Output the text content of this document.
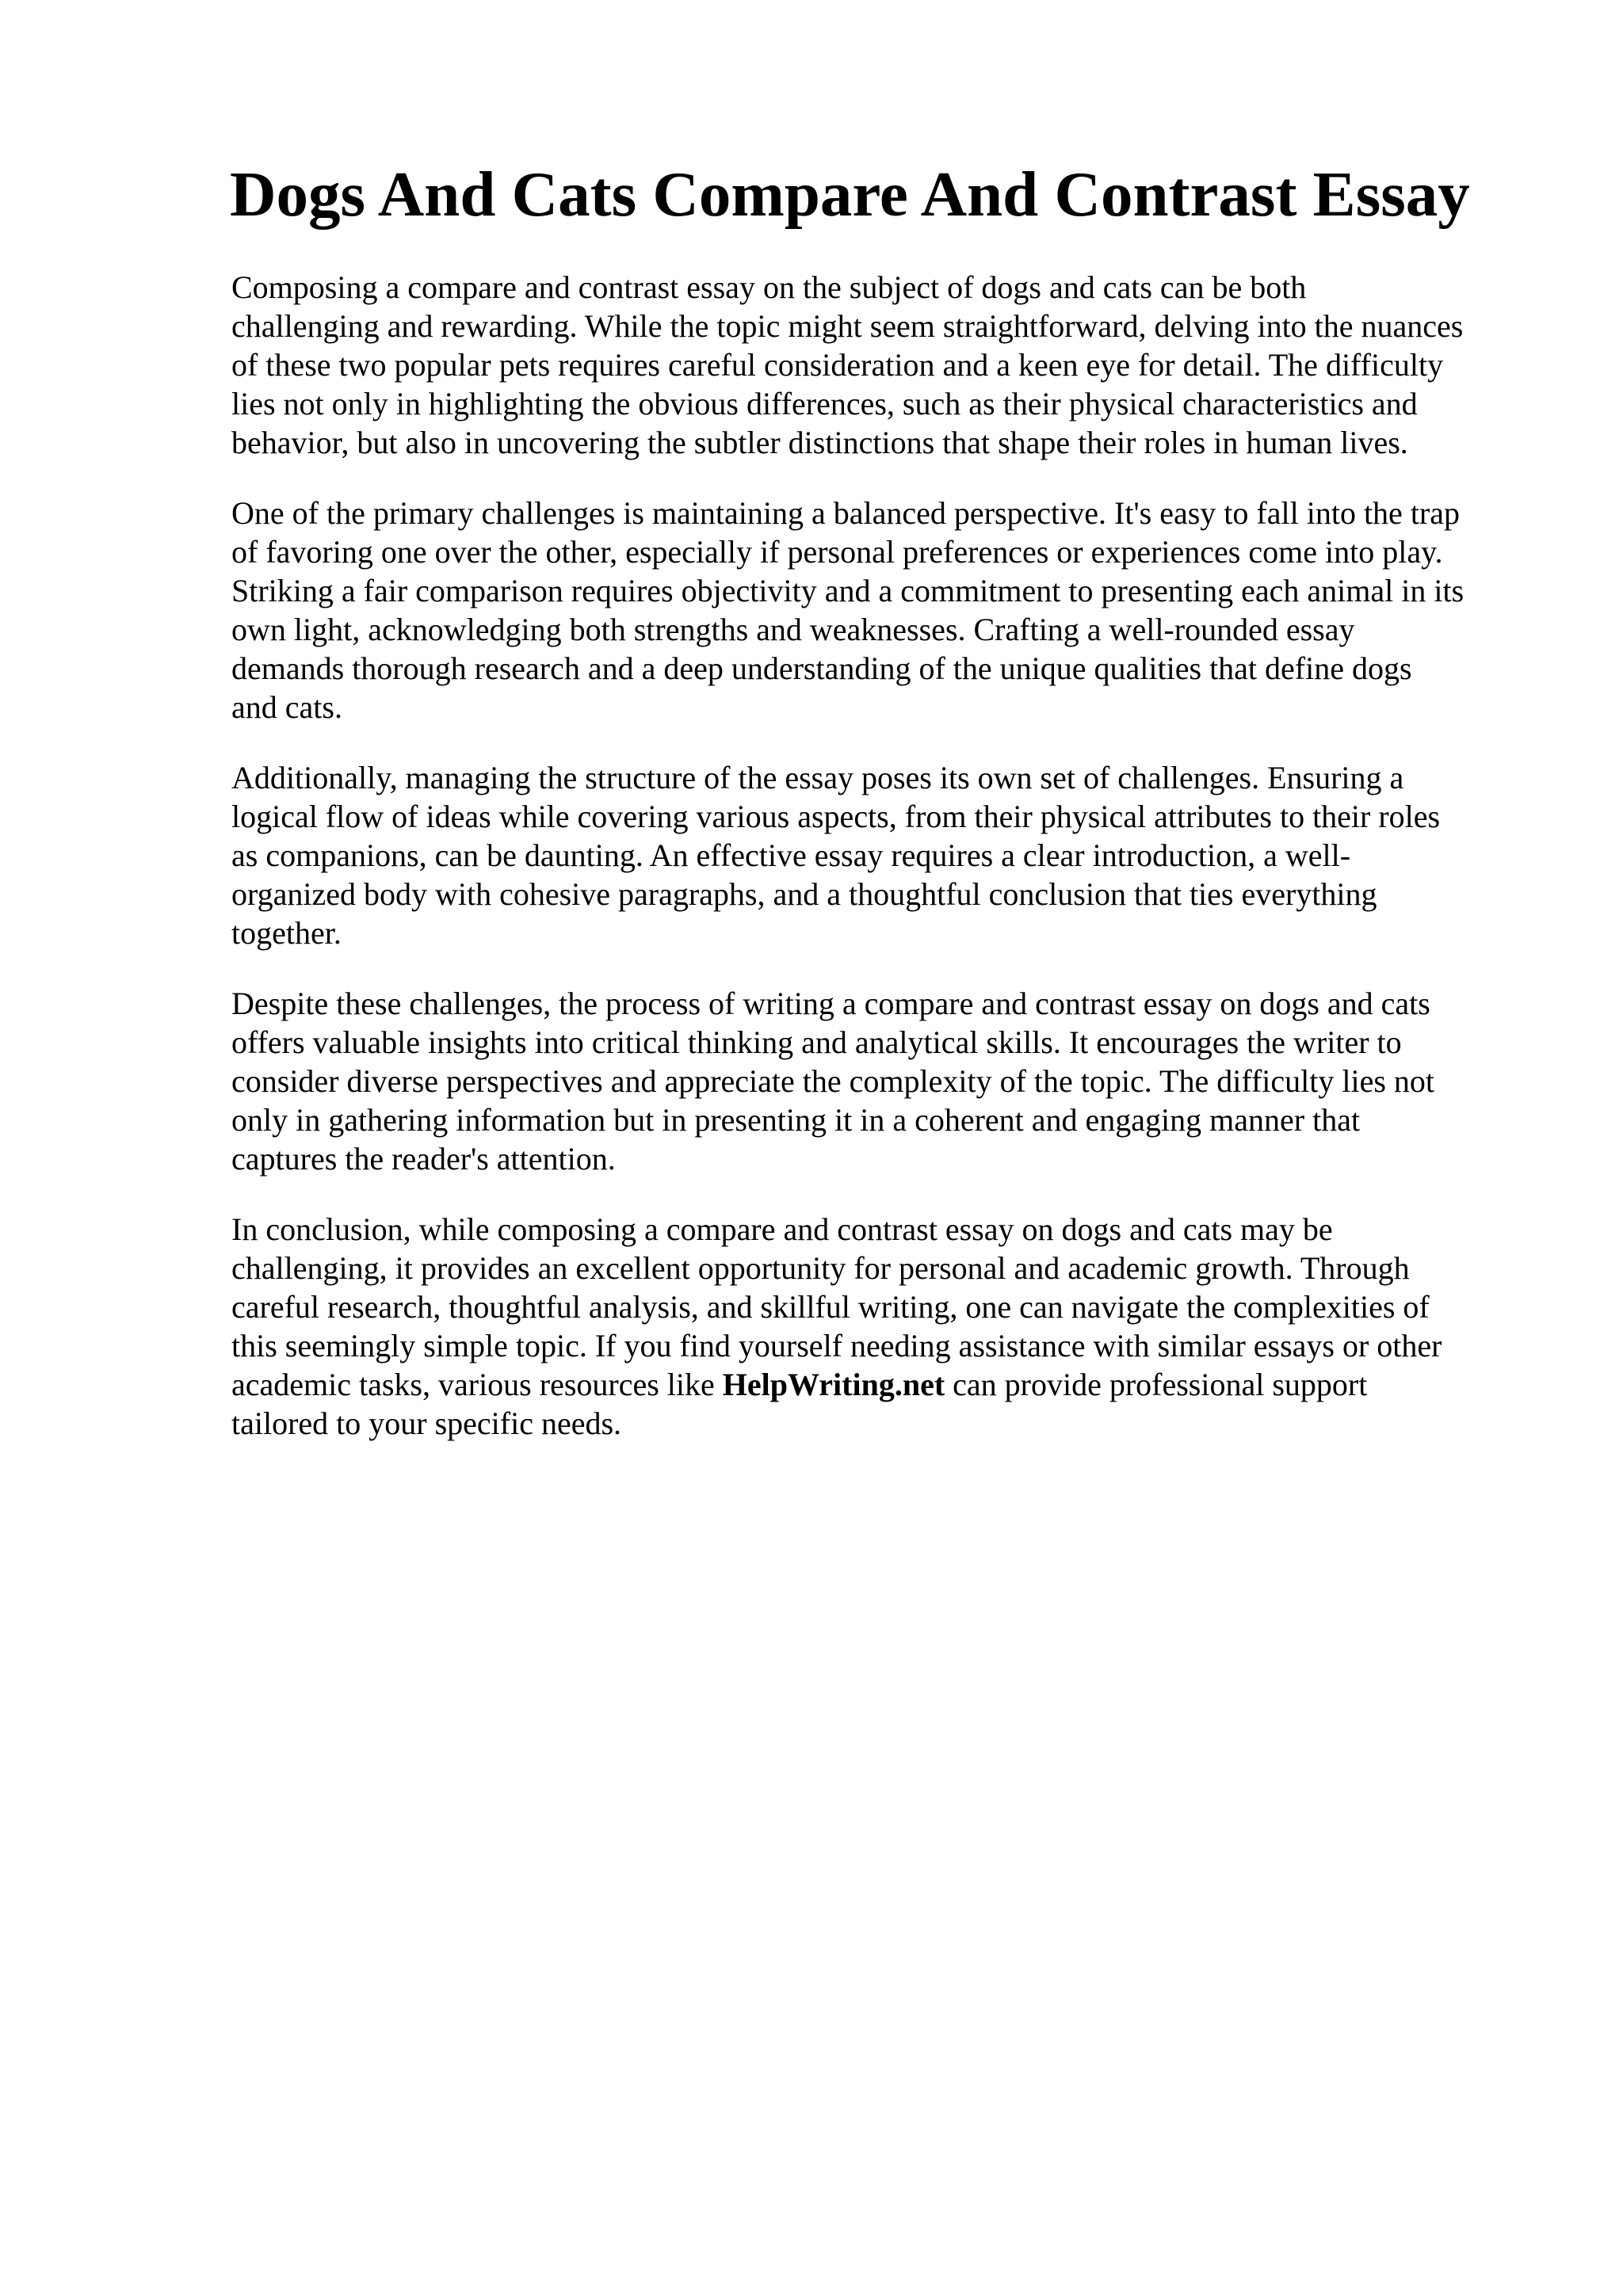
Dogs And Cats Compare And Contrast Essay

Composing a compare and contrast essay on the subject of dogs and cats can be both
challenging and rewarding. While the topic might seem straightforward, delving into the nuances
of these two popular pets requires careful consideration and a keen eye for detail. The difficulty
lies not only in highlighting the obvious differences, such as their physical characteristics and
behavior, but also in uncovering the subtler distinctions that shape their roles in human lives.

One of the primary challenges is maintaining a balanced perspective. It's easy to fall into the trap
of favoring one over the other, especially if personal preferences or experiences come into play.
Striking a fair comparison requires objectivity and a commitment to presenting each animal in its
own light, acknowledging both strengths and weaknesses. Crafting a well-rounded essay
demands thorough research and a deep understanding of the unique qualities that define dogs
and cats.

Additionally, managing the structure of the essay poses its own set of challenges. Ensuring a
logical flow of ideas while covering various aspects, from their physical attributes to their roles
as companions, can be daunting. An effective essay requires a clear introduction, a well-
organized body with cohesive paragraphs, and a thoughtful conclusion that ties everything
together.

Despite these challenges, the process of writing a compare and contrast essay on dogs and cats
offers valuable insights into critical thinking and analytical skills. It encourages the writer to
consider diverse perspectives and appreciate the complexity of the topic. The difficulty lies not
only in gathering information but in presenting it in a coherent and engaging manner that
captures the reader's attention.

In conclusion, while composing a compare and contrast essay on dogs and cats may be
challenging, it provides an excellent opportunity for personal and academic growth. Through
careful research, thoughtful analysis, and skillful writing, one can navigate the complexities of
this seemingly simple topic. If you find yourself needing assistance with similar essays or other
academic tasks, various resources like HelpWriting.net can provide professional support
tailored to your specific needs.
